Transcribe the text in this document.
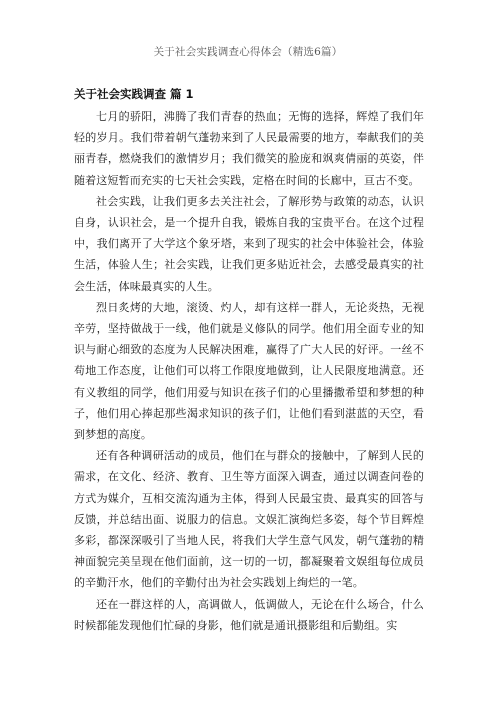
关于社会实践调查心得体会（精选6篇）
关于社会实践调查 篇 1

七月的骄阳，沸腾了我们青春的热血；无悔的选择，辉煌了我们年轻的岁月。我们带着朝气蓬勃来到了人民最需要的地方，奉献我们的美丽青春，燃烧我们的激情岁月；我们微笑的脸庞和飒爽倩丽的英姿，伴随着这短暂而充实的七天社会实践，定格在时间的长廊中，亘古不变。

社会实践，让我们更多去关注社会，了解形势与政策的动态，认识自身，认识社会，是一个提升自我，锻炼自我的宝贵平台。在这个过程中，我们离开了大学这个象牙塔，来到了现实的社会中体验社会，体验生活，体验人生；社会实践，让我们更多贴近社会，去感受最真实的社会生活，体味最真实的人生。

烈日炙烤的大地，滚烫、灼人，却有这样一群人，无论炎热，无视辛劳，坚持做战于一线，他们就是义修队的同学。他们用全面专业的知识与耐心细致的态度为人民解决困难，赢得了广大人民的好评。一丝不苟地工作态度，让他们可以将工作限度地做到，让人民限度地满意。还有义教组的同学，他们用爱与知识在孩子们的心里播撒希望和梦想的种子，他们用心捧起那些渴求知识的孩子们，让他们看到湛蓝的天空，看到梦想的高度。

还有各种调研活动的成员，他们在与群众的接触中，了解到人民的需求，在文化、经济、教育、卫生等方面深入调查，通过以调查问卷的方式为媒介，互相交流沟通为主体，得到人民最宝贵、最真实的回答与反馈，并总结出面、说服力的信息。文娱汇演绚烂多姿，每个节目辉煌多彩，都深深吸引了当地人民，将我们大学生意气风发，朝气蓬勃的精神面貌完美呈现在他们面前，这一切的一切，都凝聚着文娱组每位成员的辛勤汗水，他们的辛勤付出为社会实践划上绚烂的一笔。

还在一群这样的人，高调做人，低调做人，无论在什么场合，什么时候都能发现他们忙碌的身影，他们就是通讯摄影组和后勤组。实
